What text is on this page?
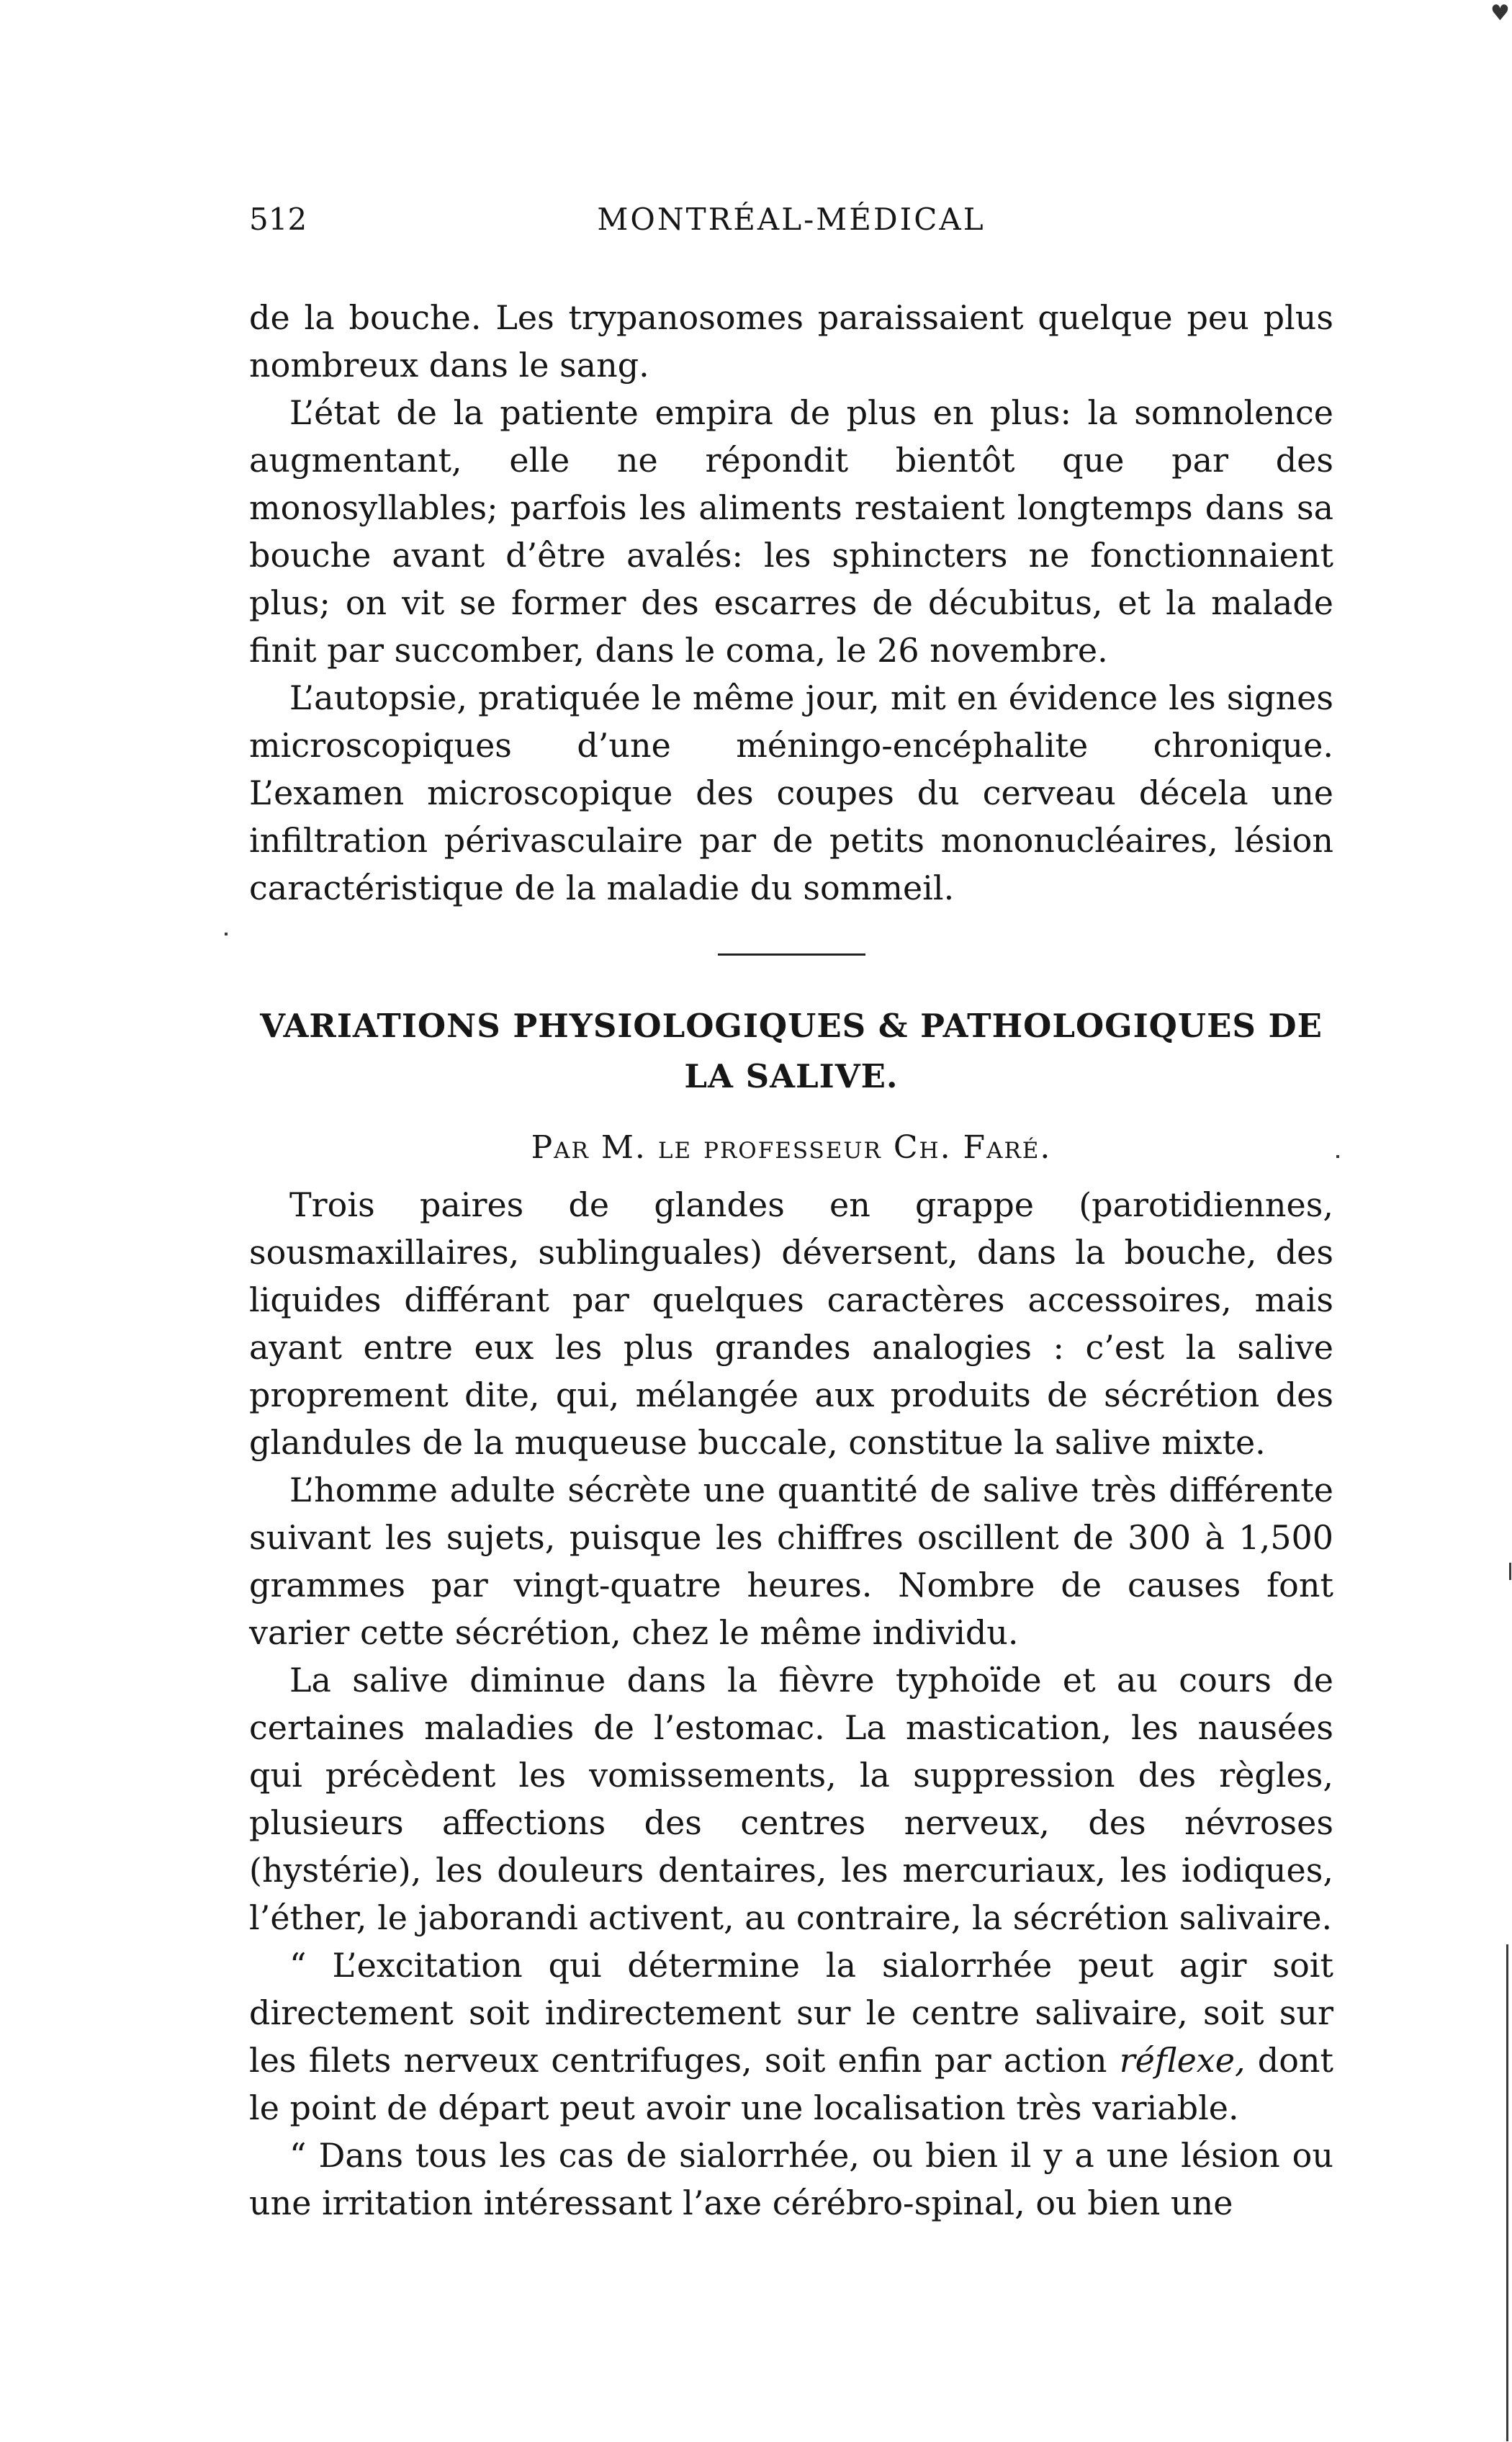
♥
512	MONTRÉAL-MÉDICAL

de la bouche. Les trypanosomes paraissaient quelque peu plus nombreux dans le sang.

L’état de la patiente empira de plus en plus: la somnolence augmentant, elle ne répondit bientôt que par des monosyllables; parfois les aliments restaient longtemps dans sa bouche avant d’être avalés: les sphincters ne fonctionnaient plus; on vit se former des escarres de décubitus, et la malade finit par succomber, dans le coma, le 26 novembre.

L’autopsie, pratiquée le même jour, mit en évidence les signes microscopiques d’une méningo-encéphalite chronique. L’examen microscopique des coupes du cerveau décela une infiltration périvasculaire par de petits mononucléaires, lésion caractéristique de la maladie du sommeil.

VARIATIONS PHYSIOLOGIQUES & PATHOLOGIQUES DE
LA SALIVE.
Par M. le professeur Ch. Faré.

Trois paires de glandes en grappe (parotidiennes, sousmaxillaires, sublinguales) déversent, dans la bouche, des liquides différant par quelques caractères accessoires, mais ayant entre eux les plus grandes analogies : c’est la salive proprement dite, qui, mélangée aux produits de sécrétion des glandules de la muqueuse buccale, constitue la salive mixte.

L’homme adulte sécrète une quantité de salive très différente suivant les sujets, puisque les chiffres oscillent de 300 à 1,500 grammes par vingt-quatre heures. Nombre de causes font varier cette sécrétion, chez le même individu.

La salive diminue dans la fièvre typhoïde et au cours de certaines maladies de l’estomac. La mastication, les nausées qui précèdent les vomissements, la suppression des règles, plusieurs affections des centres nerveux, des névroses (hystérie), les douleurs dentaires, les mercuriaux, les iodiques, l’éther, le jaborandi activent, au contraire, la sécrétion salivaire.

“ L’excitation qui détermine la sialorrhée peut agir soit directement soit indirectement sur le centre salivaire, soit sur les filets nerveux centrifuges, soit enfin par action réflexe, dont le point de départ peut avoir une localisation très variable.

“ Dans tous les cas de sialorrhée, ou bien il y a une lésion ou une irritation intéressant l’axe cérébro-spinal, ou bien une
